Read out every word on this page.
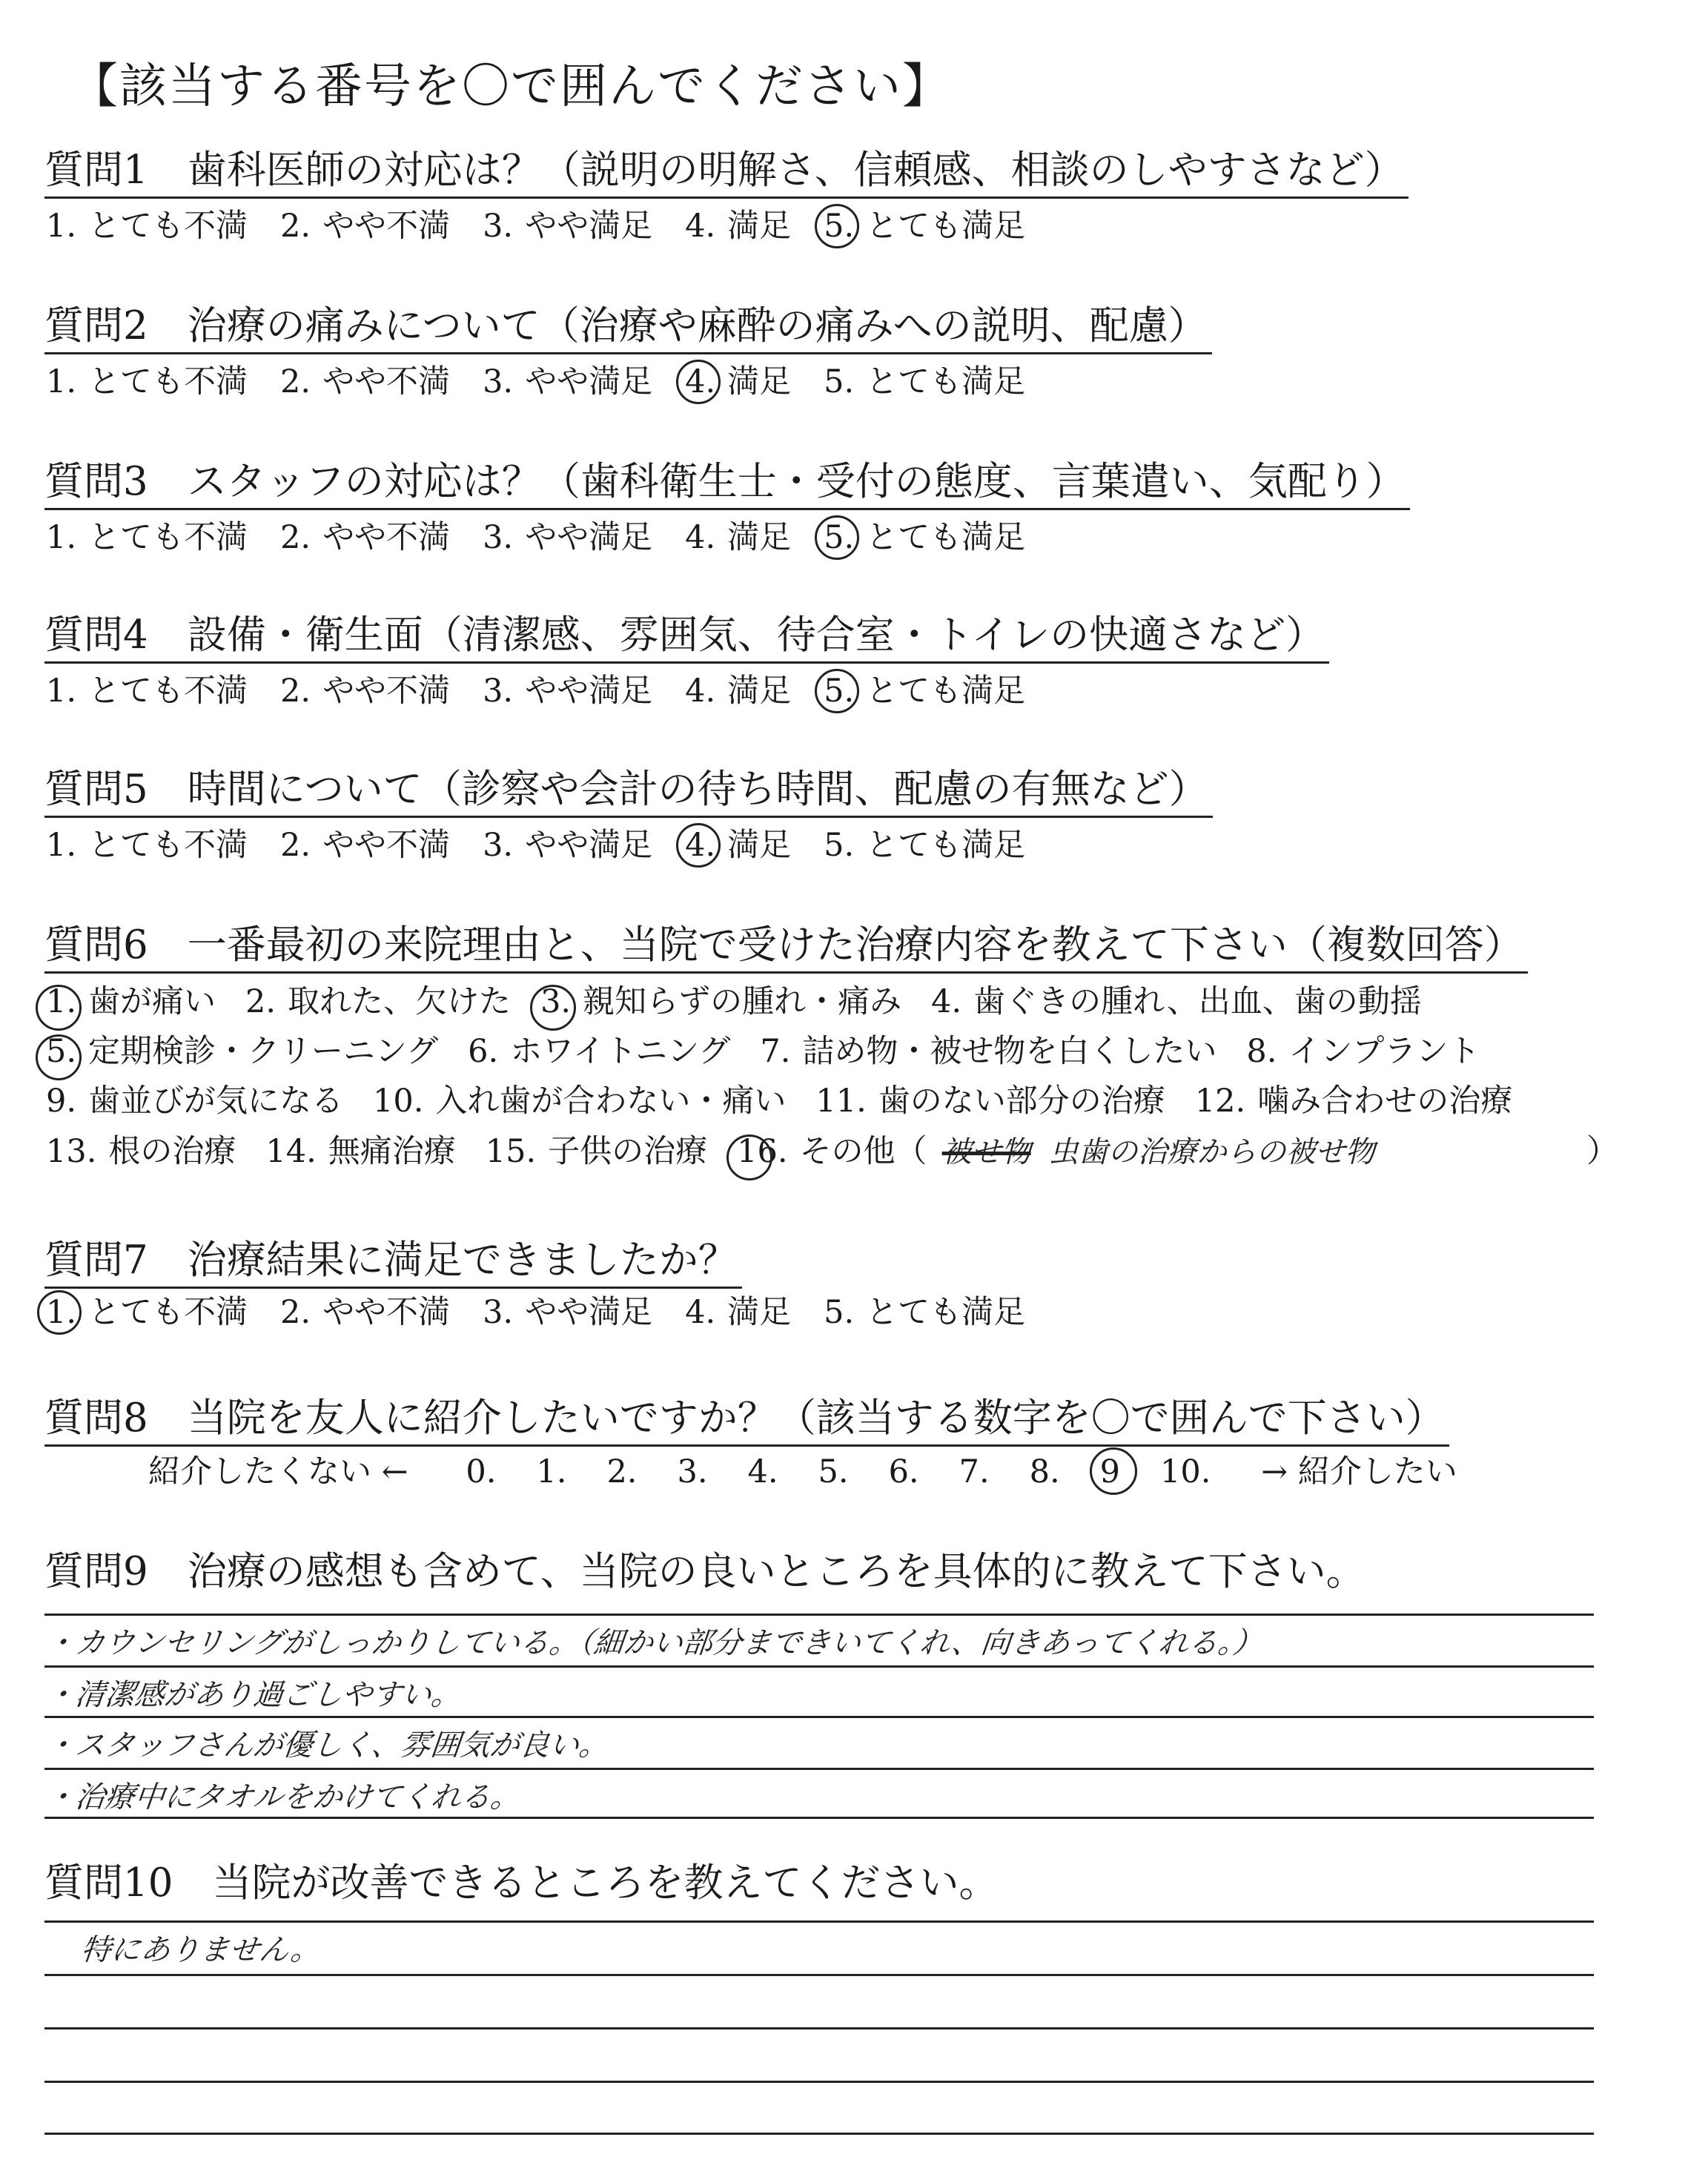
【該当する番号を〇で囲んでください】
質問1　歯科医師の対応は？（説明の明解さ、信頼感、相談のしやすさなど）
1. とても不満 2. やや不満 3. やや満足 4. 満足 5. とても満足
質問2　治療の痛みについて（治療や麻酔の痛みへの説明、配慮）
1. とても不満 2. やや不満 3. やや満足 4. 満足 5. とても満足
質問3　スタッフの対応は？（歯科衛生士・受付の態度、言葉遣い、気配り）
1. とても不満 2. やや不満 3. やや満足 4. 満足 5. とても満足
質問4　設備・衛生面（清潔感、雰囲気、待合室・トイレの快適さなど）
1. とても不満 2. やや不満 3. やや満足 4. 満足 5. とても満足
質問5　時間について（診察や会計の待ち時間、配慮の有無など）
1. とても不満 2. やや不満 3. やや満足 4. 満足 5. とても満足
質問6　一番最初の来院理由と、当院で受けた治療内容を教えて下さい（複数回答）
1. 歯が痛い 2. 取れた、欠けた 3. 親知らずの腫れ・痛み 4. 歯ぐきの腫れ、出血、歯の動揺
5. 定期検診・クリーニング 6. ホワイトニング 7. 詰め物・被せ物を白くしたい 8. インプラント
9. 歯並びが気になる 10. 入れ歯が合わない・痛い 11. 歯のない部分の治療 12. 噛み合わせの治療
13. 根の治療 14. 無痛治療 15. 子供の治療 16. その他（ 被せ物 虫歯の治療からの被せ物	）
質問7　治療結果に満足できましたか？
1. とても不満 2. やや不満 3. やや満足 4. 満足 5. とても満足
質問8　当院を友人に紹介したいですか？（該当する数字を〇で囲んで下さい）
紹介したくない ← 0. 1. 2. 3. 4. 5. 6. 7. 8. 9 10. → 紹介したい
質問9　治療の感想も含めて、当院の良いところを具体的に教えて下さい。
・カウンセリングがしっかりしている。（細かい部分まできいてくれ、向きあってくれる。）
・清潔感があり過ごしやすい。
・スタッフさんが優しく、雰囲気が良い。
・治療中にタオルをかけてくれる。
質問10　当院が改善できるところを教えてください。
特にありません。
